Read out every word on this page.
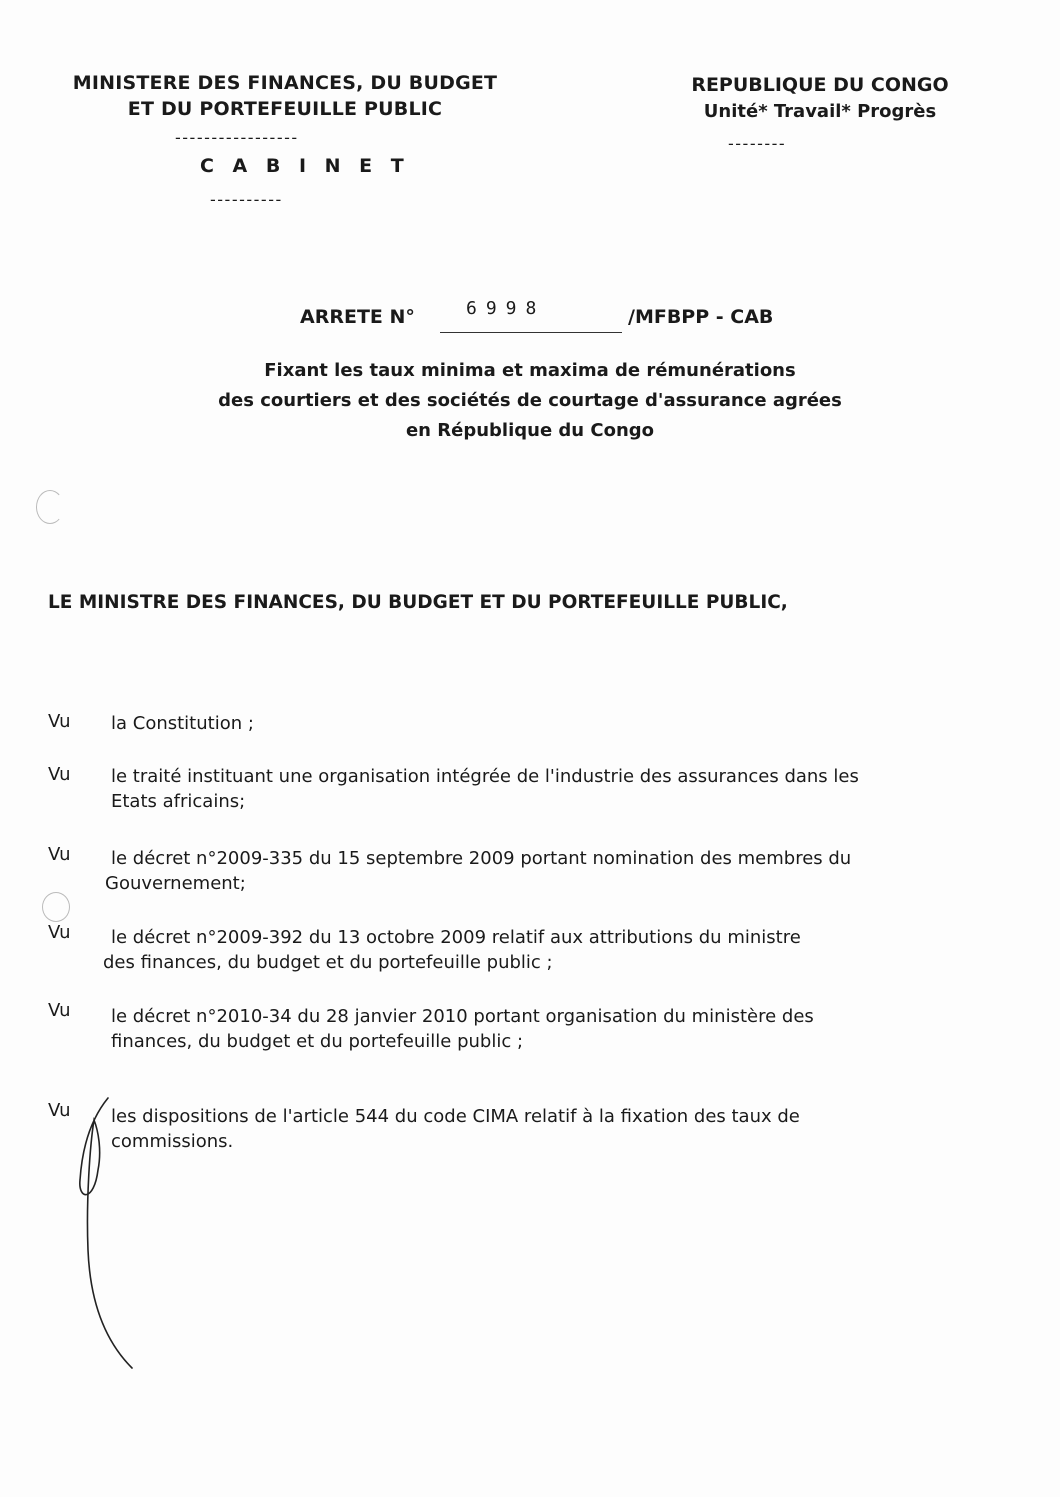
MINISTERE DES FINANCES, DU BUDGET
ET DU PORTEFEUILLE PUBLIC
-----------------
C A B I N E T
----------
REPUBLIQUE DU CONGO
Unité* Travail* Progrès
--------
ARRETE N°	6998	/MFBPP - CAB
Fixant les taux minima et maxima de rémunérations
des courtiers et des sociétés de courtage d'assurance agrées
en République du Congo
LE MINISTRE DES FINANCES, DU BUDGET ET DU PORTEFEUILLE PUBLIC,
Vu la Constitution ;
Vu le traité instituant une organisation intégrée de l'industrie des assurances dans les
Etats africains;
Vu le décret n°2009-335 du 15 septembre 2009 portant nomination des membres du
Gouvernement;
Vu le décret n°2009-392 du 13 octobre 2009 relatif aux attributions du ministre
des finances, du budget et du portefeuille public ;
Vu le décret n°2010-34 du 28 janvier 2010 portant organisation du ministère des
finances, du budget et du portefeuille public ;
Vu les dispositions de l'article 544 du code CIMA relatif à la fixation des taux de
commissions.
